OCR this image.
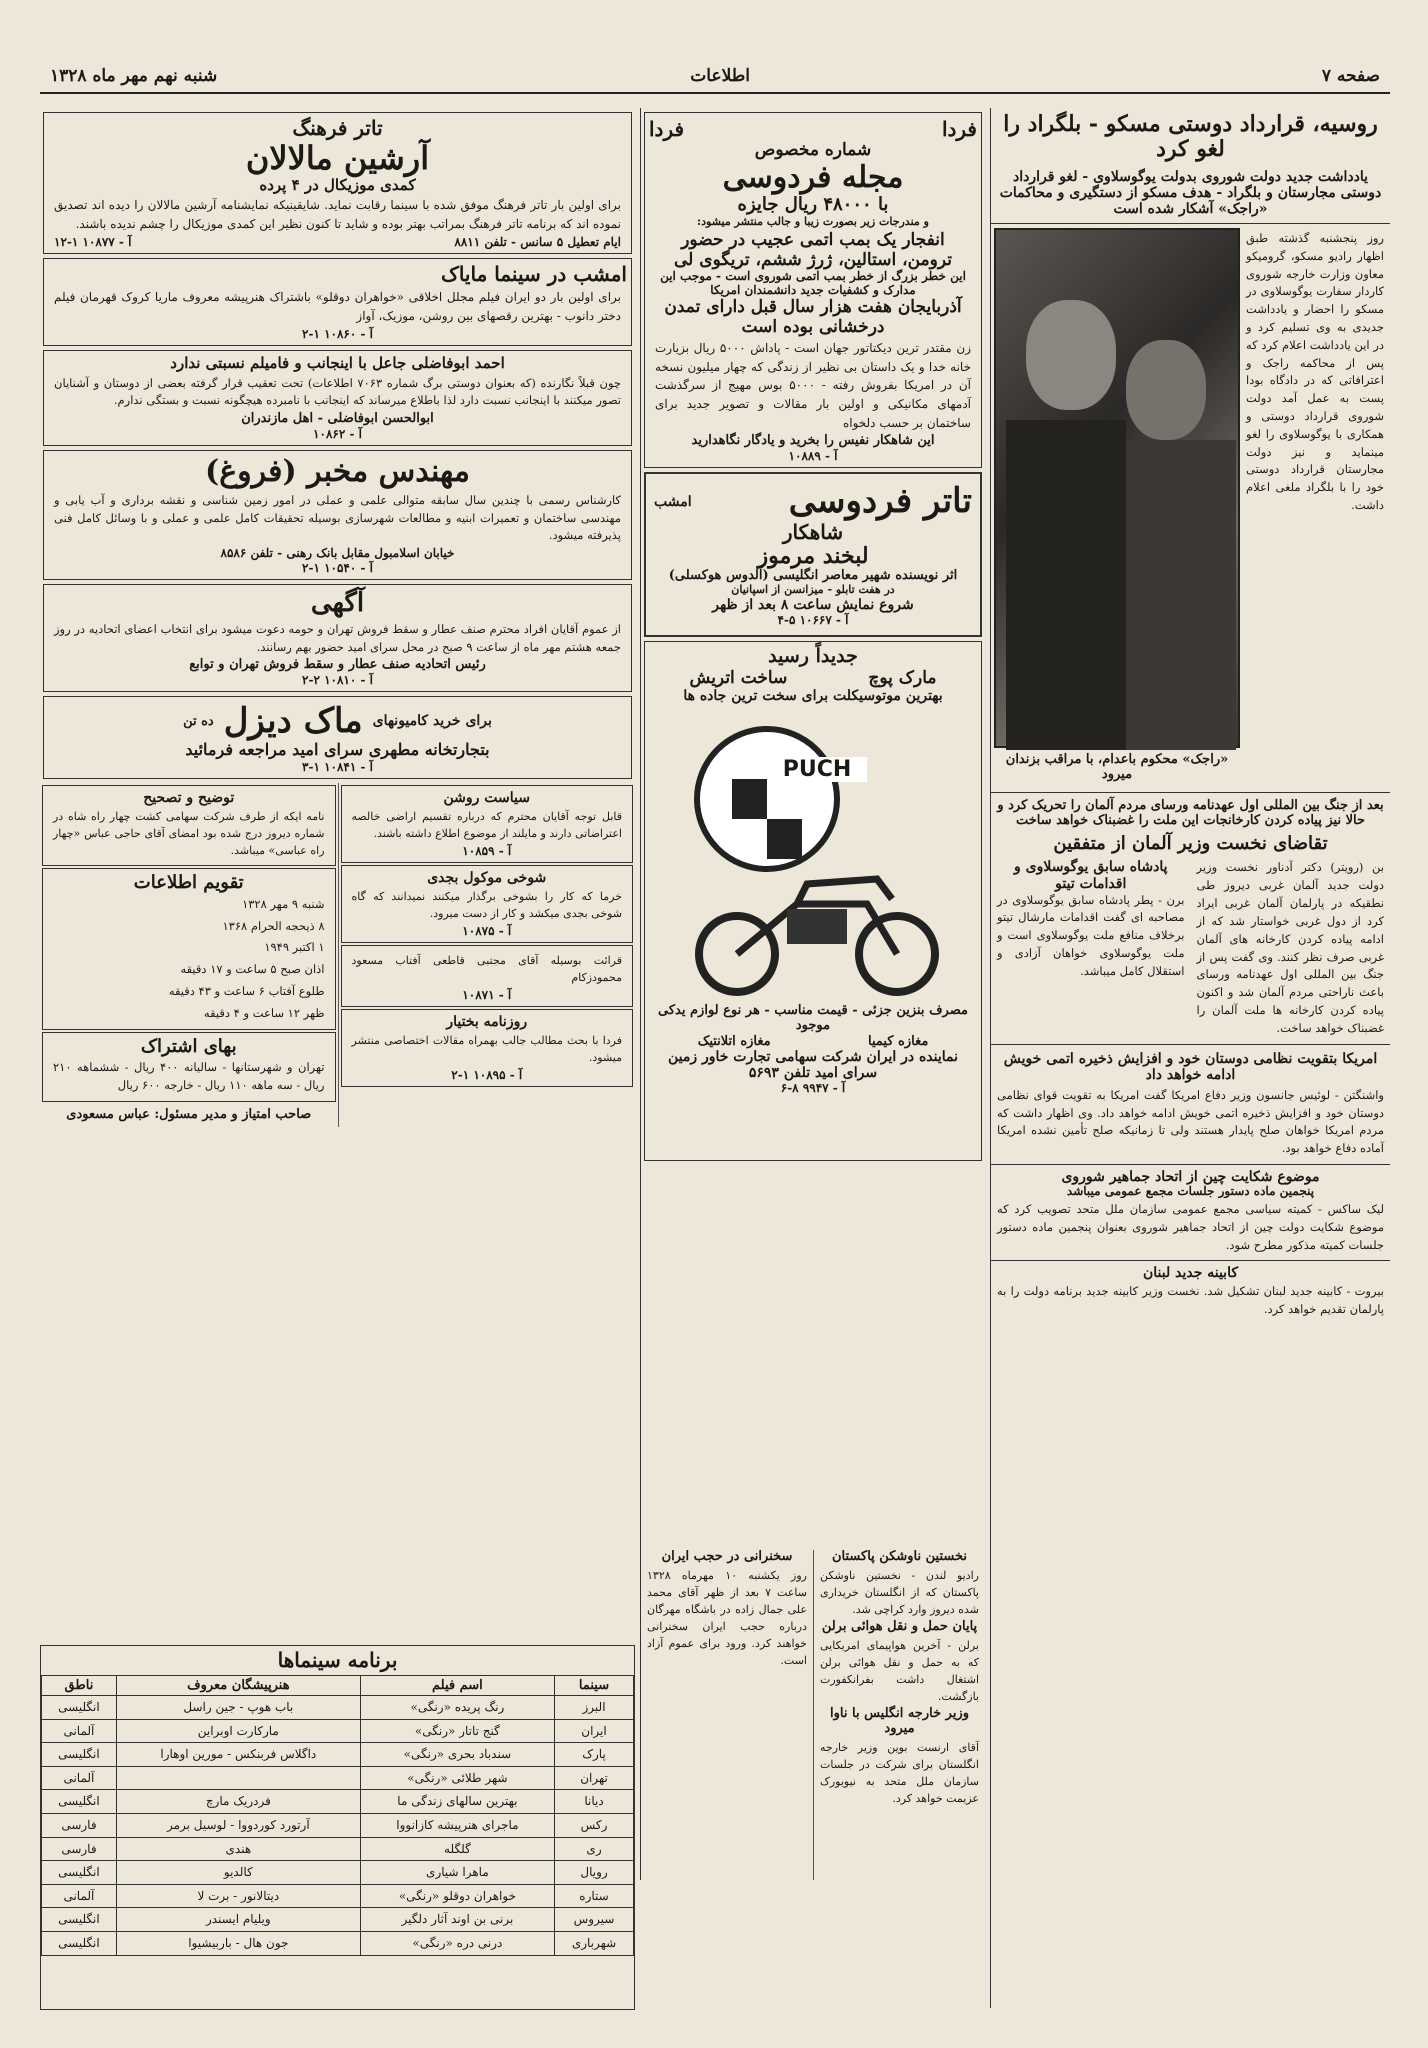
صفحه ۷
اطلاعات
شنبه نهم مهر ماه ۱۳۲۸
روسیه، قرارداد دوستی مسکو - بلگراد را لغو کرد
یادداشت جدید دولت شوروی بدولت یوگوسلاوی - لغو قرارداد دوستی مجارستان و بلگراد - هدف مسکو از دستگیری و محاکمات «راجک» آشکار شده است
روز پنجشنبه گذشته طبق اظهار رادیو مسکو، گرومیکو معاون وزارت خارجه شوروی کاردار سفارت یوگوسلاوی در مسکو را احضار و یادداشت جدیدی به وی تسلیم کرد و در این یادداشت اعلام کرد که پس از محاکمه راجک و اعترافاتی که در دادگاه بودا پست به عمل آمد دولت شوروی قرارداد دوستی و همکاری با یوگوسلاوی را لغو مینماید و نیز دولت مجارستان قرارداد دوستی خود را با بلگراد ملغی اعلام داشت.
«راجک» محکوم باعدام، با مراقب بزندان میرود
بعد از جنگ بین المللی اول عهدنامه ورسای مردم آلمان را تحریک کرد و حالا نیز پیاده کردن کارخانجات این ملت را غضبناک خواهد ساخت
تقاضای نخست وزیر آلمان از متفقین
بن (رویتر) دکتر آدناور نخست وزیر دولت جدید آلمان غربی دیروز طی نطقیکه در پارلمان آلمان غربی ایراد کرد از دول غربی خواستار شد که از ادامه پیاده کردن کارخانه های آلمان غربی صرف نظر کنند. وی گفت پس از جنگ بین المللی اول عهدنامه ورسای باعث ناراحتی مردم آلمان شد و اکنون پیاده کردن کارخانه ها ملت آلمان را غضبناک خواهد ساخت.
پادشاه سابق یوگوسلاوی و اقدامات تیتو
برن - پطر پادشاه سابق یوگوسلاوی در مصاحبه ای گفت اقدامات مارشال تیتو برخلاف منافع ملت یوگوسلاوی است و ملت یوگوسلاوی خواهان آزادی و استقلال کامل میباشد.
امریکا بتقویت نظامی دوستان خود و افزایش ذخیره اتمی خویش ادامه خواهد داد
واشنگتن - لوئیس جانسون وزیر دفاع امریکا گفت امریکا به تقویت قوای نظامی دوستان خود و افزایش ذخیره اتمی خویش ادامه خواهد داد. وی اظهار داشت که مردم امریکا خواهان صلح پایدار هستند ولی تا زمانیکه صلح تأمین نشده امریکا آماده دفاع خواهد بود.
موضوع شکایت چین از اتحاد جماهیر شوروی
پنجمین ماده دستور جلسات مجمع عمومی میباشد
لیک ساکس - کمیته سیاسی مجمع عمومی سازمان ملل متحد تصویب کرد که موضوع شکایت دولت چین از اتحاد جماهیر شوروی بعنوان پنجمین ماده دستور جلسات کمیته مذکور مطرح شود.
کابینه جدید لبنان
بیروت - کابینه جدید لبنان تشکیل شد. نخست وزیر کابینه جدید برنامه دولت را به پارلمان تقدیم خواهد کرد.
فردا
فردا
شماره مخصوص
مجله فردوسی
با ۴۸۰۰۰ ریال جایزه
و مندرجات زیر بصورت زیبا و جالب منتشر میشود:
انفجار یک بمب اتمی عجیب در حضور
ترومن، استالین، ژرژ ششم، تریگوی لی
این خطر بزرگ از خطر بمب اتمی شوروی است - موجب این مدارک و کشفیات جدید دانشمندان امریکا
آذربایجان هفت هزار سال قبل دارای تمدن درخشانی بوده است
زن مقتدر ترین دیکتاتور جهان است - پاداش ۵۰۰۰ ریال بزیارت خانه خدا و یک داستان بی نظیر از زندگی که چهار میلیون نسخه آن در امریکا بفروش رفته - ۵۰۰۰ بوس مهیج از سرگذشت آدمهای مکانیکی و اولین بار مقالات و تصویر جدید برای ساختمان بر حسب دلخواه
این شاهکار نفیس را بخرید و یادگار نگاهدارید
آ - ۱۰۸۸۹
تاتر فردوسی
امشب
شاهکار
لبخند مرموز
اثر نویسنده شهیر معاصر انگلیسی (آلدوس هوکسلی)
در هفت تابلو - میزانسن از اسپانیان
شروع نمایش ساعت ۸ بعد از ظهر
آ - ۱۰۶۶۷ ۵-۴
جدیداً رسید
مارک پوچ
ساخت اتریش
بهترین موتوسیکلت برای سخت ترین جاده ها
PUCH
مصرف بنزین جزئی - قیمت مناسب - هر نوع لوازم یدکی موجود
مغازه کیمیا
مغازه اتلانتیک
نماینده در ایران شرکت سهامی تجارت خاور زمین
سرای امید تلفن ۵۶۹۳
آ - ۹۹۴۷ ۸-۶
نخستین ناوشکن پاکستان
رادیو لندن - نخستین ناوشکن پاکستان که از انگلستان خریداری شده دیروز وارد کراچی شد.
پایان حمل و نقل هوائی برلن
برلن - آخرین هواپیمای امریکایی که به حمل و نقل هوائی برلن اشتغال داشت بفرانکفورت بازگشت.
وزیر خارجه انگلیس با ناوا میرود
آقای ارنست بوین وزیر خارجه انگلستان برای شرکت در جلسات سازمان ملل متحد به نیویورک عزیمت خواهد کرد.
سخنرانی در حجب ایران
روز یکشنبه ۱۰ مهرماه ۱۳۲۸ ساعت ۷ بعد از ظهر آقای محمد علی جمال زاده در باشگاه مهرگان درباره حجب ایران سخنرانی خواهند کرد. ورود برای عموم آزاد است.
تاتر فرهنگ
آرشین مالالان
کمدی موزیکال در ۴ پرده
برای اولین بار تاتر فرهنگ موفق شده با سینما رقابت نماید. شایقینیکه نمایشنامه آرشین مالالان را دیده اند تصدیق نموده اند که برنامه تاتر فرهنگ بمراتب بهتر بوده و شاید تا کنون نظیر این کمدی موزیکال را چشم ندیده باشند.
ایام تعطیل ۵ سانس - تلفن ۸۸۱۱
آ - ۱۰۸۷۷ ۱-۱۲
امشب در سینما مایاک
برای اولین بار دو ایران فیلم مجلل اخلاقی «خواهران دوقلو» باشتراک هنرپیشه معروف ماریا کروک قهرمان فیلم دختر دانوب - بهترین رقصهای بین روشن، موزیک، آواز
آ - ۱۰۸۶۰ ۱-۲
احمد ابوفاضلی جاعل با اینجانب و فامیلم نسبتی ندارد
چون قبلاً نگارنده (که بعنوان دوستی برگ شماره ۷۰۶۳ اطلاعات) تحت تعقیب قرار گرفته بعضی از دوستان و آشنایان تصور میکنند با اینجانب نسبت دارد لذا باطلاع میرساند که اینجانب با نامبرده هیچگونه نسبت و بستگی ندارم.
ابوالحسن ابوفاضلی - اهل مازندران
آ - ۱۰۸۶۲
مهندس مخبر (فروغ)
کارشناس رسمی با چندین سال سابقه متوالی علمی و عملی در امور زمین شناسی و نقشه برداری و آب یابی و مهندسی ساختمان و تعمیرات ابنیه و مطالعات شهرسازی بوسیله تحقیقات کامل علمی و عملی و با وسائل کامل فنی پذیرفته میشود.
خیابان اسلامبول مقابل بانک رهنی - تلفن ۸۵۸۶
آ - ۱۰۵۴۰ ۱-۲
آگهی
از عموم آقایان افراد محترم صنف عطار و سقط فروش تهران و حومه دعوت میشود برای انتخاب اعضای اتحادیه در روز جمعه هشتم مهر ماه از ساعت ۹ صبح در محل سرای امید حضور بهم رسانند.
رئیس اتحادیه صنف عطار و سقط فروش تهران و توابع
آ - ۱۰۸۱۰ ۲-۲
برای خرید کامیونهای
ماک دیزل
ده تن
بتجارتخانه مطهری سرای امید مراجعه فرمائید
آ - ۱۰۸۴۱ ۱-۳
سیاست روشن
قابل توجه آقایان محترم که درباره تقسیم اراضی خالصه اعتراضاتی دارند و مایلند از موضوع اطلاع داشته باشند.
آ - ۱۰۸۵۹
شوخی موکول بجدی
خرما که کار را بشوخی برگذار میکنند نمیدانند که گاه شوخی بجدی میکشد و کار از دست میرود.
آ - ۱۰۸۷۵
قرائت بوسیله آقای مجتبی قاطعی آفتاب مسعود محمودزکام
آ - ۱۰۸۷۱
روزنامه بختیار
فردا با بحث مطالب جالب بهمراه مقالات اختصاصی منتشر میشود.
آ - ۱۰۸۹۵ ۱-۲
توضیح و تصحیح
نامه ایکه از طرف شرکت سهامی کشت چهار راه شاه در شماره دیروز درج شده بود امضای آقای حاجی عباس «چهار راه عباسی» میباشد.
تقویم اطلاعات
شنبه ۹ مهر ۱۳۲۸
۸ ذیحجه الحرام ۱۳۶۸
۱ اکتبر ۱۹۴۹
اذان صبح ۵ ساعت و ۱۷ دقیقه
طلوع آفتاب ۶ ساعت و ۴۳ دقیقه
ظهر ۱۲ ساعت و ۴ دقیقه
بهای اشتراک
تهران و شهرستانها - سالیانه ۴۰۰ ریال - ششماهه ۲۱۰ ریال - سه ماهه ۱۱۰ ریال - خارجه ۶۰۰ ریال
صاحب امتیاز و مدیر مسئول: عباس مسعودی
برنامه سینماها
سینما	اسم فیلم	هنرپیشگان معروف	ناطق
البرز	رنگ پریده «رنگی»	باب هوپ - جین راسل	انگلیسی
ایران	گنج تاتار «رنگی»	مارکارت اوبراین	آلمانی
پارک	سندباد بحری «رنگی»	داگلاس فربنکس - مورین اوهارا	انگلیسی
تهران	شهر طلائی «رنگی»		آلمانی
دیانا	بهترین سالهای زندگی ما	فردریک مارچ	انگلیسی
رکس	ماجرای هنرپیشه کازانووا	آرتورد کوردووا - لوسیل برمر	فارسی
ری	گلگله	هندی	فارسی
رویال	ماهرا شیاری	کالدیو	انگلیسی
ستاره	خواهران دوقلو «رنگی»	دیتالانور - برت لا	آلمانی
سیروس	برنی بن اوند آثار دلگیر	ویلیام ایسندر	انگلیسی
شهرباری	درنی دره «رنگی»	جون هال - باربیشیوا	انگلیسی
